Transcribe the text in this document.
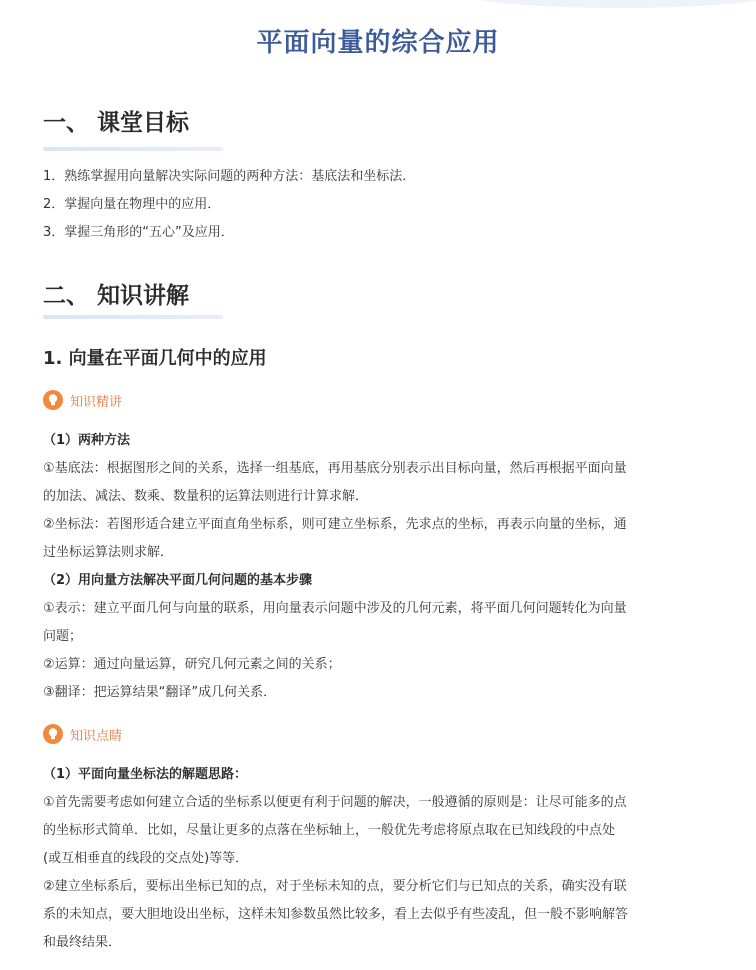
平面向量的综合应用
一、 课堂目标
1．熟练掌握用向量解决实际问题的两种方法：基底法和坐标法．
2．掌握向量在物理中的应用．
3．掌握三角形的“五心”及应用．
二、 知识讲解
1. 向量在平面几何中的应用
知识精讲
（1）两种方法
①基底法：根据图形之间的关系，选择一组基底，再用基底分别表示出目标向量，然后再根据平面向量
的加法、减法、数乘、数量积的运算法则进行计算求解．
②坐标法：若图形适合建立平面直角坐标系，则可建立坐标系，先求点的坐标，再表示向量的坐标，通
过坐标运算法则求解．
（2）用向量方法解决平面几何问题的基本步骤
①表示：建立平面几何与向量的联系，用向量表示问题中涉及的几何元素，将平面几何问题转化为向量
问题；
②运算：通过向量运算，研究几何元素之间的关系；
③翻译：把运算结果“翻译”成几何关系．
知识点睛
（1）平面向量坐标法的解题思路：
①首先需要考虑如何建立合适的坐标系以便更有利于问题的解决，一般遵循的原则是：让尽可能多的点
的坐标形式简单．比如，尽量让更多的点落在坐标轴上，一般优先考虑将原点取在已知线段的中点处
(或互相垂直的线段的交点处)等等．
②建立坐标系后，要标出坐标已知的点，对于坐标未知的点，要分析它们与已知点的关系，确实没有联
系的未知点，要大胆地设出坐标，这样未知参数虽然比较多，看上去似乎有些凌乱，但一般不影响解答
和最终结果．
